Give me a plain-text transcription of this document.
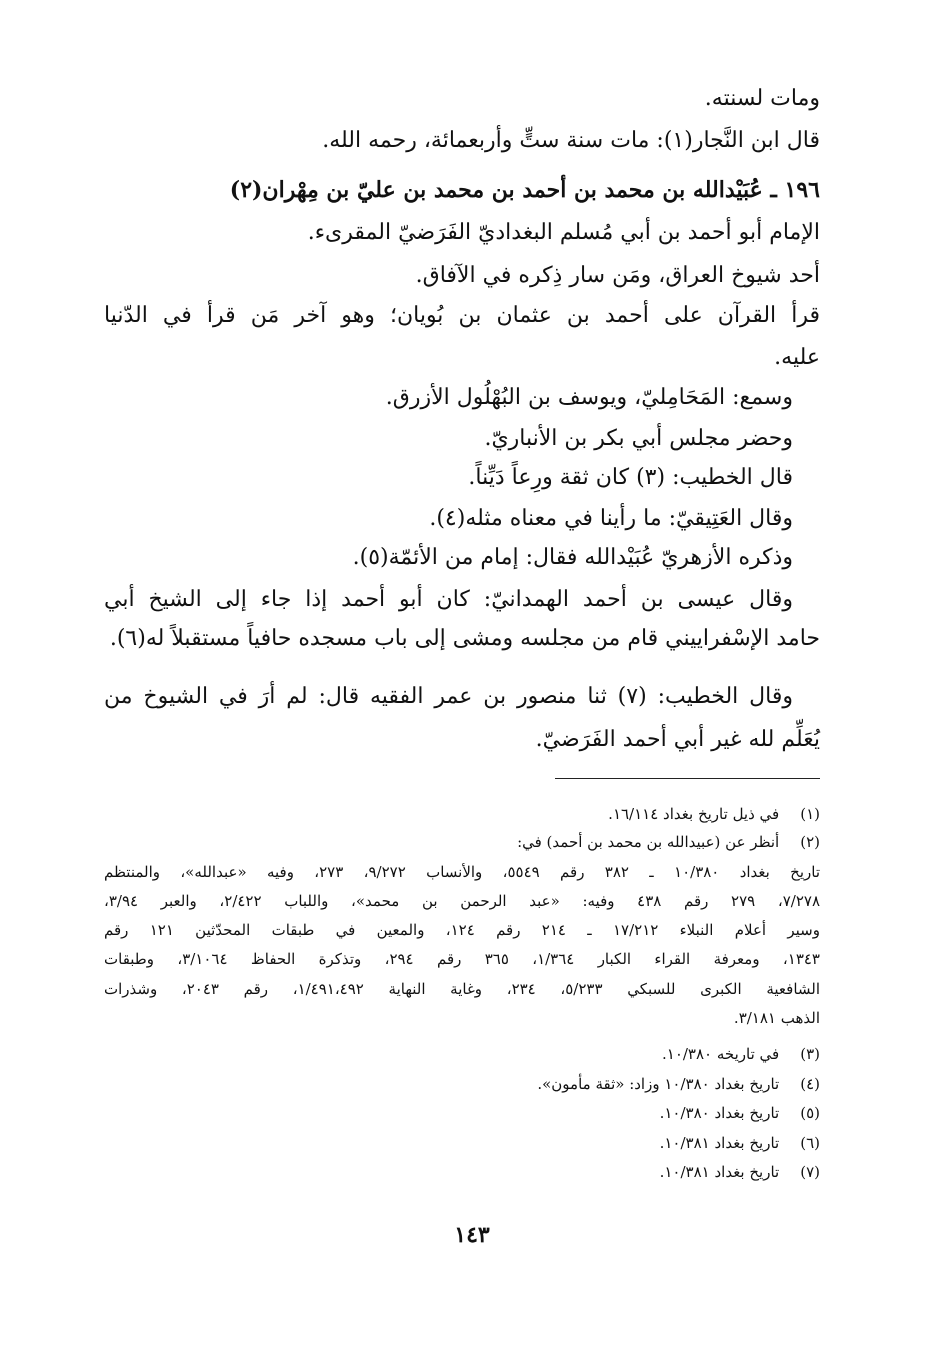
ومات لسنته.
قال ابن النَّجار(١): مات سنة ستٍّ وأربعمائة، رحمه الله.
١٩٦ ـ عُبَيْدالله بن محمد بن أحمد بن محمد بن عليّ بن مِهْران(٢)
الإمام أبو أحمد بن أبي مُسلم البغداديّ الفَرَضيّ المقرىء.
أحد شيوخ العراق، ومَن سار ذِكره في الآفاق.
قرأ القرآن على أحمد بن عثمان بن بُويان؛ وهو آخر مَن قرأ في الدّنيا
عليه.
وسمع: المَحَامِليّ، ويوسف بن البُهْلُول الأزرق.
وحضر مجلس أبي بكر بن الأنباريّ.
قال الخطيب: (٣) كان ثقة ورِعاً دَيِّناً.
وقال العَتِيقيّ: ما رأينا في معناه مثله(٤).
وذكره الأزهريّ عُبَيْدالله فقال: إمام من الأئمّة(٥).
وقال عيسى بن أحمد الهمدانيّ: كان أبو أحمد إذا جاء إلى الشيخ أبي
حامد الإسْفراييني قام من مجلسه ومشى إلى باب مسجده حافياً مستقبلاً له(٦).
وقال الخطيب: (٧) ثنا منصور بن عمر الفقيه قال: لم أرَ في الشيوخ من
يُعَلِّم لله غير أبي أحمد الفَرَضيّ.
(١) في ذيل تاريخ بغداد ١٦/١١٤.
(٢) أنظر عن (عبيدالله بن محمد بن أحمد) في:
تاريخ بغداد ١٠/٣٨٠ ـ ٣٨٢ رقم ٥٥٤٩، والأنساب ٩/٢٧٢، ٢٧٣، وفيه «عبدالله»، والمنتظم
٧/٢٧٨، ٢٧٩ رقم ٤٣٨ وفيه: «عبد الرحمن بن محمد»، واللباب ٢/٤٢٢، والعبر ٣/٩٤،
وسير أعلام النبلاء ١٧/٢١٢ ـ ٢١٤ رقم ١٢٤، والمعين في طبقات المحدّثين ١٢١ رقم
١٣٤٣، ومعرفة القراء الكبار ١/٣٦٤، ٣٦٥ رقم ٢٩٤، وتذكرة الحفاظ ٣/١٠٦٤، وطبقات
الشافعية الكبرى للسبكي ٥/٢٣٣، ٢٣٤، وغاية النهاية ١/٤٩١،٤٩٢، رقم ٢٠٤٣، وشذرات
الذهب ٣/١٨١.
(٣) في تاريخه ١٠/٣٨٠.
(٤) تاريخ بغداد ١٠/٣٨٠ وزاد: «ثقة مأمون».
(٥) تاريخ بغداد ١٠/٣٨٠.
(٦) تاريخ بغداد ١٠/٣٨١.
(٧) تاريخ بغداد ١٠/٣٨١.
١٤٣
